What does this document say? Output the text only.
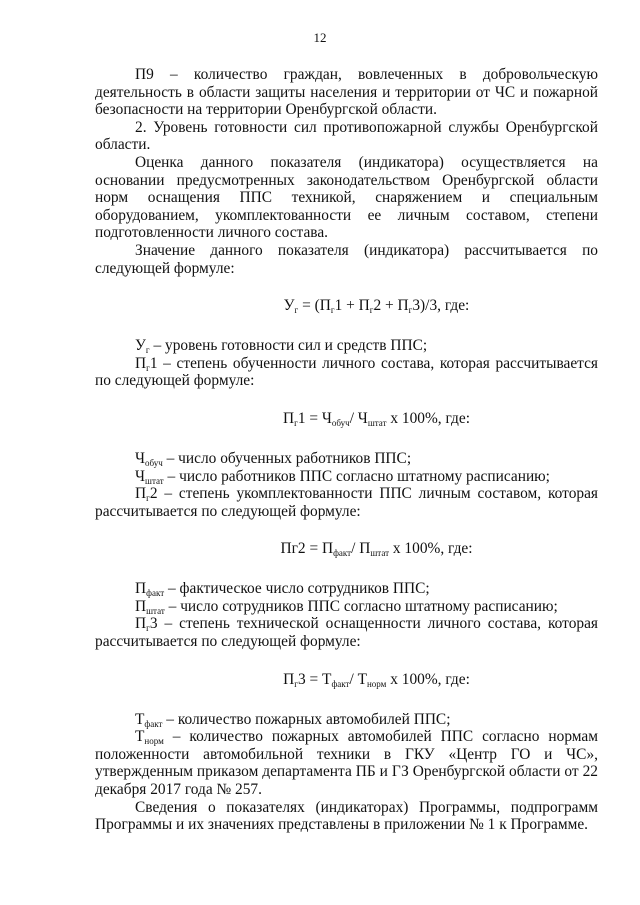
12

П9 – количество граждан, вовлеченных в добровольческую деятельность в области защиты населения и территории от ЧС и пожарной безопасности на территории Оренбургской области.

2. Уровень готовности сил противопожарной службы Оренбургской области.

Оценка данного показателя (индикатора) осуществляется на основании предусмотренных законодательством Оренбургской области норм оснащения ППС техникой, снаряжением и специальным оборудованием, укомплектованности ее личным составом, степени подготовленности личного состава.

Значение данного показателя (индикатора) рассчитывается по следующей формуле:

$У_г = (П_г1 + П_г2 + П_г3)/3$, где:

$У_г$ – уровень готовности сил и средств ППС;

$П_г1$ – степень обученности личного состава, которая рассчитывается по следующей формуле:

$П_г1 = Ч_{обуч}/$ $Ч_{штат}$ х 100%, где:

$Ч_{обуч}$ – число обученных работников ППС;

$Ч_{штат}$ – число работников ППС согласно штатному расписанию;

$П_г2$ – степень укомплектованности ППС личным составом, которая рассчитывается по следующей формуле:

$Пг2 = П_{факт}/$ $П_{штат}$ х 100%, где:

$П_{факт}$ – фактическое число сотрудников ППС;

$П_{штат}$ – число сотрудников ППС согласно штатному расписанию;

$П_г3$ – степень технической оснащенности личного состава, которая рассчитывается по следующей формуле:

$П_г3 = Т_{факт}/$ $Т_{норм}$ х 100%, где:

$Т_{факт}$ – количество пожарных автомобилей ППС;

$Т_{норм}$ – количество пожарных автомобилей ППС согласно нормам положенности автомобильной техники в ГКУ «Центр ГО и ЧС», утвержденным приказом департамента ПБ и ГЗ Оренбургской области от 22 декабря 2017 года № 257.

Сведения о показателях (индикаторах) Программы, подпрограмм Программы и их значениях представлены в приложении № 1 к Программе.
